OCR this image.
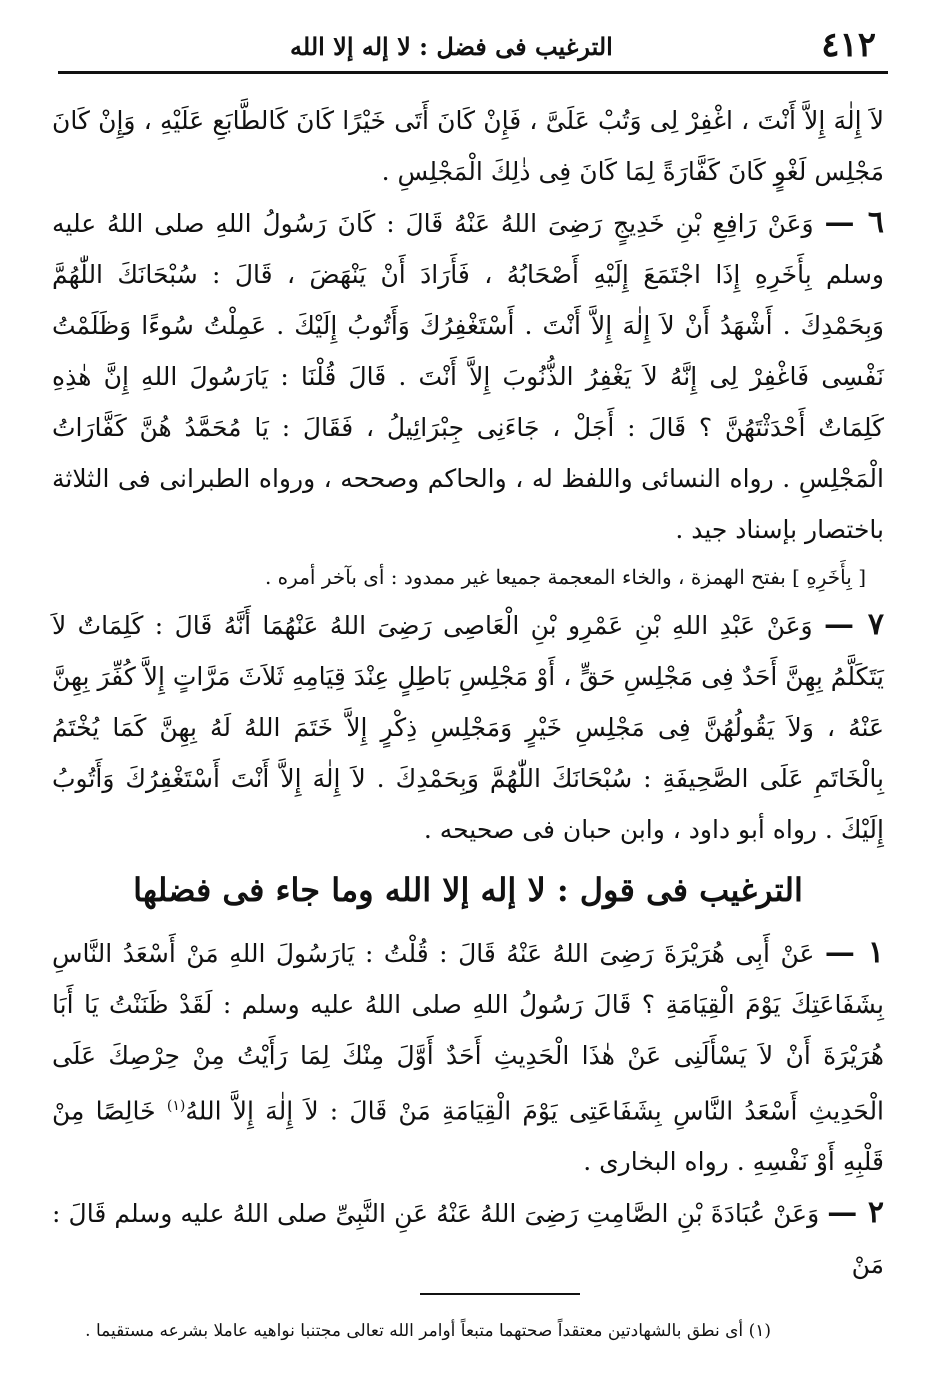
٤١٢
الترغيب فى فضل : لا إله إلا الله

لاَ إِلٰهَ إِلاَّ أَنْتَ ، اغْفِرْ لِى وَتُبْ عَلَىَّ ، فَإِنْ كَانَ أَتَى خَيْرًا كَانَ كَالطَّابَعِ عَلَيْهِ ، وَإِنْ كَانَ مَجْلِس لَغْوٍ كَانَ كَفَّارَةً لِمَا كَانَ فِى ذٰلِكَ الْمَجْلِسِ .

٦ — وَعَنْ رَافِعِ بْنِ خَدِيجٍ رَضِىَ اللهُ عَنْهُ قَالَ : كَانَ رَسُولُ اللهِ صلى اللهُ عليه وسلم بِأَخَرِهِ إِذَا اجْتَمَعَ إِلَيْهِ أَصْحَابُهُ ، فَأَرَادَ أَنْ يَنْهَضَ ، قَالَ : سُبْحَانَكَ اللّٰهُمَّ وَبِحَمْدِكَ . أَشْهَدُ أَنْ لاَ إِلٰهَ إِلاَّ أَنْتَ . أَسْتَغْفِرُكَ وَأَتُوبُ إِلَيْكَ . عَمِلْتُ سُوءًا وَظَلَمْتُ نَفْسِى فَاغْفِرْ لِى إِنَّهُ لاَ يَغْفِرُ الذُّنُوبَ إِلاَّ أَنْتَ . قَالَ قُلْنَا : يَارَسُولَ اللهِ إِنَّ هٰذِهِ كَلِمَاتٌ أَحْدَثْتَهُنَّ ؟ قَالَ : أَجَلْ ، جَاءَنِى جِبْرَائِيلُ ، فَقَالَ : يَا مُحَمَّدُ هُنَّ كَفَّارَاتُ الْمَجْلِسِ . رواه النسائى واللفظ له ، والحاكم وصححه ، ورواه الطبرانى فى الثلاثة باختصار بإسناد جيد .

[ بِأَخَرِهِ ] بفتح الهمزة ، والخاء المعجمة جميعا غير ممدود : أى بآخر أمره .

٧ — وَعَنْ عَبْدِ اللهِ بْنِ عَمْرِو بْنِ الْعَاصِى رَضِىَ اللهُ عَنْهُمَا أَنَّهُ قَالَ : كَلِمَاتٌ لاَ يَتَكَلَّمُ بِهِنَّ أَحَدٌ فِى مَجْلِسِ حَقٍّ ، أَوْ مَجْلِسِ بَاطِلٍ عِنْدَ قِيَامِهِ ثَلاَثَ مَرَّاتٍ إِلاَّ كُفِّرَ بِهِنَّ عَنْهُ ، وَلاَ يَقُولُهُنَّ فِى مَجْلِسِ خَيْرٍ وَمَجْلِسِ ذِكْرٍ إِلاَّ خَتَمَ اللهُ لَهُ بِهِنَّ كَمَا يُخْتَمُ بِالْخَاتَمِ عَلَى الصَّحِيفَةِ : سُبْحَانَكَ اللّٰهُمَّ وَبِحَمْدِكَ . لاَ إِلٰهَ إِلاَّ أَنْتَ أَسْتَغْفِرُكَ وَأَتُوبُ إِلَيْكَ . رواه أبو داود ، وابن حبان فى صحيحه .

الترغيب فى قول : لا إله إلا الله وما جاء فى فضلها

١ — عَنْ أَبِى هُرَيْرَةَ رَضِىَ اللهُ عَنْهُ قَالَ : قُلْتُ : يَارَسُولَ اللهِ مَنْ أَسْعَدُ النَّاسِ بِشَفَاعَتِكَ يَوْمَ الْقِيَامَةِ ؟ قَالَ رَسُولُ اللهِ صلى اللهُ عليه وسلم : لَقَدْ ظَنَنْتُ يَا أَبَا هُرَيْرَةَ أَنْ لاَ يَسْأَلَنِى عَنْ هٰذَا الْحَدِيثِ أَحَدٌ أَوَّلَ مِنْكَ لِمَا رَأَيْتُ مِنْ حِرْصِكَ عَلَى الْحَدِيثِ أَسْعَدُ النَّاسِ بِشَفَاعَتِى يَوْمَ الْقِيَامَةِ مَنْ قَالَ : لاَ إِلٰهَ إِلاَّ اللهُ$^{(١)}$ خَالِصًا مِنْ قَلْبِهِ أَوْ نَفْسِهِ . رواه البخارى .

٢ — وَعَنْ عُبَادَةَ بْنِ الصَّامِتِ رَضِىَ اللهُ عَنْهُ عَنِ النَّبِىِّ صلى اللهُ عليه وسلم قَالَ : مَنْ

(١) أى نطق بالشهادتين معتقداً صحتهما متبعاً أوامر الله تعالى مجتنبا نواهيه عاملا بشرعه مستقيما .
